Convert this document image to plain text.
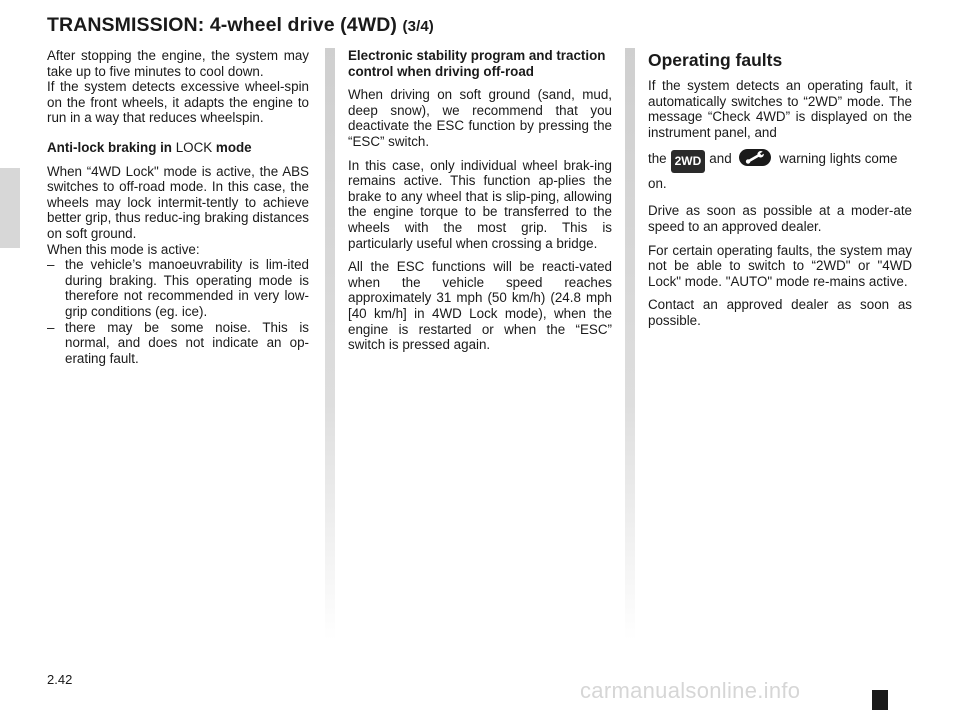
TRANSMISSION: 4-wheel drive (4WD) (3/4)

After stopping the engine, the system may take up to five minutes to cool down.

If the system detects excessive wheel-spin on the front wheels, it adapts the engine to run in a way that reduces wheelspin.

Anti-lock braking in LOCK mode

When “4WD Lock" mode is active, the ABS switches to off-road mode. In this case, the wheels may lock intermit-tently to achieve better grip, thus reduc-ing braking distances on soft ground.

When this mode is active:

– the vehicle’s manoeuvrability is lim-ited during braking. This operating mode is therefore not recommended in very low-grip conditions (eg. ice).
– there may be some noise. This is normal, and does not indicate an op-erating fault.

Electronic stability program and traction control when driving off-road

When driving on soft ground (sand, mud, deep snow), we recommend that you deactivate the ESC function by pressing the “ESC” switch.

In this case, only individual wheel brak-ing remains active. This function ap-plies the brake to any wheel that is slip-ping, allowing the engine torque to be transferred to the wheels with the most grip. This is particularly useful when crossing a bridge.

All the ESC functions will be reacti-vated when the vehicle speed reaches approximately 31 mph (50 km/h) (24.8 mph [40 km/h] in 4WD Lock mode), when the engine is restarted or when the “ESC” switch is pressed again.

Operating faults

If the system detects an operating fault, it automatically switches to “2WD” mode. The message “Check 4WD” is displayed on the instrument panel, and

the 2WD and	warning lights come on.

Drive as soon as possible at a moder-ate speed to an approved dealer.

For certain operating faults, the system may not be able to switch to “2WD" or "4WD Lock" mode. "AUTO" mode re-mains active.

Contact an approved dealer as soon as possible.

2.42	carmanualsonline.info
